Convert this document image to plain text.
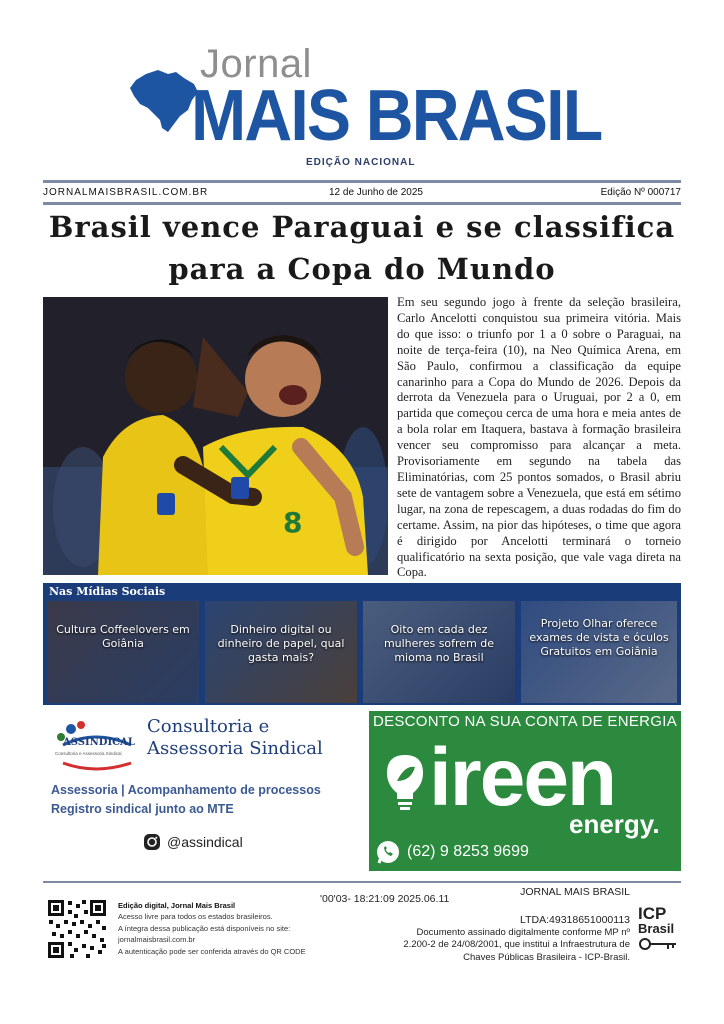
Jornal
MAIS BRASIL
EDIÇÃO NACIONAL
JORNALMAISBRASIL.COM.BR	12 de Junho de 2025	Edição Nº 000717
Brasil vence Paraguai e se classifica
para a Copa do Mundo
8
Em seu segundo jogo à frente da seleção brasileira, Carlo Ancelotti conquistou sua primeira vitória. Mais do que isso: o triunfo por 1 a 0 sobre o Paraguai, na noite de terça-feira (10), na Neo Química Arena, em São Paulo, confirmou a classificação da equipe canarinho para a Copa do Mundo de 2026. Depois da derrota da Venezuela para o Uruguai, por 2 a 0, em partida que começou cerca de uma hora e meia antes de a bola rolar em Itaquera, bastava à formação brasileira vencer seu compromisso para alcançar a meta. Provisoriamente em segundo na tabela das Eliminatórias, com 25 pontos somados, o Brasil abriu sete de vantagem sobre a Venezuela, que está em sétimo lugar, na zona de repescagem, a duas rodadas do fim do certame. Assim, na pior das hipóteses, o time que agora é dirigido por Ancelotti terminará o torneio qualificatório na sexta posição, que vale vaga direta na Copa.
Nas Mídias Sociais
Cultura Coffeelovers em Goiânia
Dinheiro digital ou dinheiro de papel, qual gasta mais?
Oito em cada dez mulheres sofrem de mioma no Brasil
Projeto Olhar oferece exames de vista e óculos Gratuitos em Goiânia
ASSINDICAL
Consultoria e Assessoria Sindical
Consultoria e
Assessoria Sindical
Assessoria | Acompanhamento de processos
Registro sindical junto ao MTE
@assindical
DESCONTO NA SUA CONTA DE ENERGIA
ireen
energy.
(62) 9 8253 9699
Edição digital, Jornal Mais Brasil
Acesso livre para todos os estados brasileiros.
A íntegra dessa publicação está disponíveis no site:
jornalmaisbrasil.com.br
A autenticação pode ser conferida através do QR CODE
'00'03- 18:21:09 2025.06.11
JORNAL MAIS BRASIL
LTDA:49318651000113
Documento assinado digitalmente conforme MP nº
2.200-2 de 24/08/2001, que institui a Infraestrutura de
Chaves Públicas Brasileira - ICP-Brasil.
ICP
Brasil
